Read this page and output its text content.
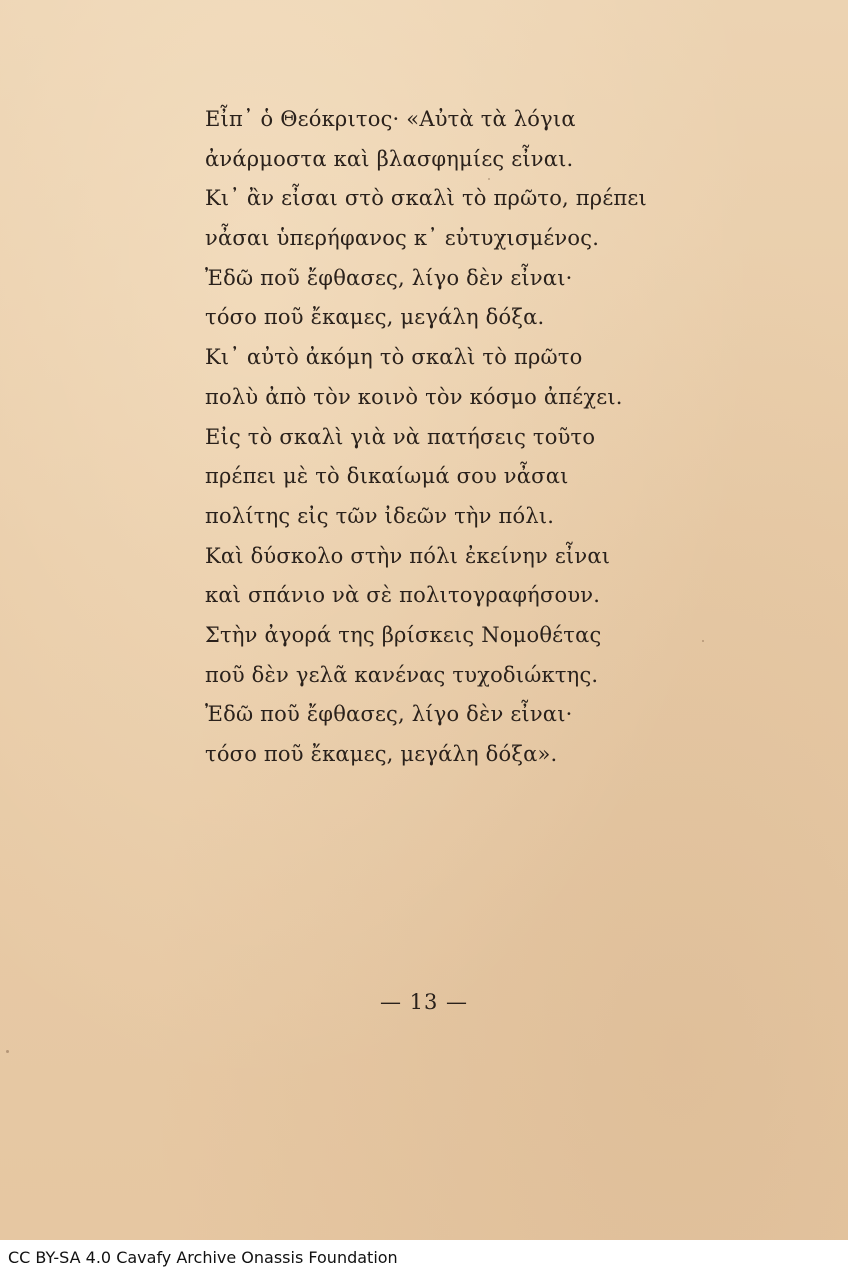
Εἶπ᾽ ὁ Θεόκριτος· «Αὐτὰ τὰ λόγια
ἀνάρμοστα καὶ βλασφημίες εἶναι.
Κι᾽ ἂν εἶσαι στὸ σκαλὶ τὸ πρῶτο, πρέπει
νἆσαι ὑπερήφανος κ᾽ εὐτυχισμένος.
Ἐδῶ ποῦ ἔφθασες, λίγο δὲν εἶναι·
τόσο ποῦ ἔκαμες, μεγάλη δόξα.
Κι᾽ αὐτὸ ἀκόμη τὸ σκαλὶ τὸ πρῶτο
πολὺ ἀπὸ τὸν κοινὸ τὸν κόσμο ἀπέχει.
Εἰς τὸ σκαλὶ γιὰ νὰ πατήσεις τοῦτο
πρέπει μὲ τὸ δικαίωμά σου νἆσαι
πολίτης εἰς τῶν ἰδεῶν τὴν πόλι.
Καὶ δύσκολο στὴν πόλι ἐκείνην εἶναι
καὶ σπάνιο νὰ σὲ πολιτογραφήσουν.
Στὴν ἀγορά της βρίσκεις Νομοθέτας
ποῦ δὲν γελᾶ κανένας τυχοδιώκτης.
Ἐδῶ ποῦ ἔφθασες, λίγο δὲν εἶναι·
τόσο ποῦ ἔκαμες, μεγάλη δόξα».
— 13 —
CC BY-SA 4.0 Cavafy Archive Onassis Foundation
